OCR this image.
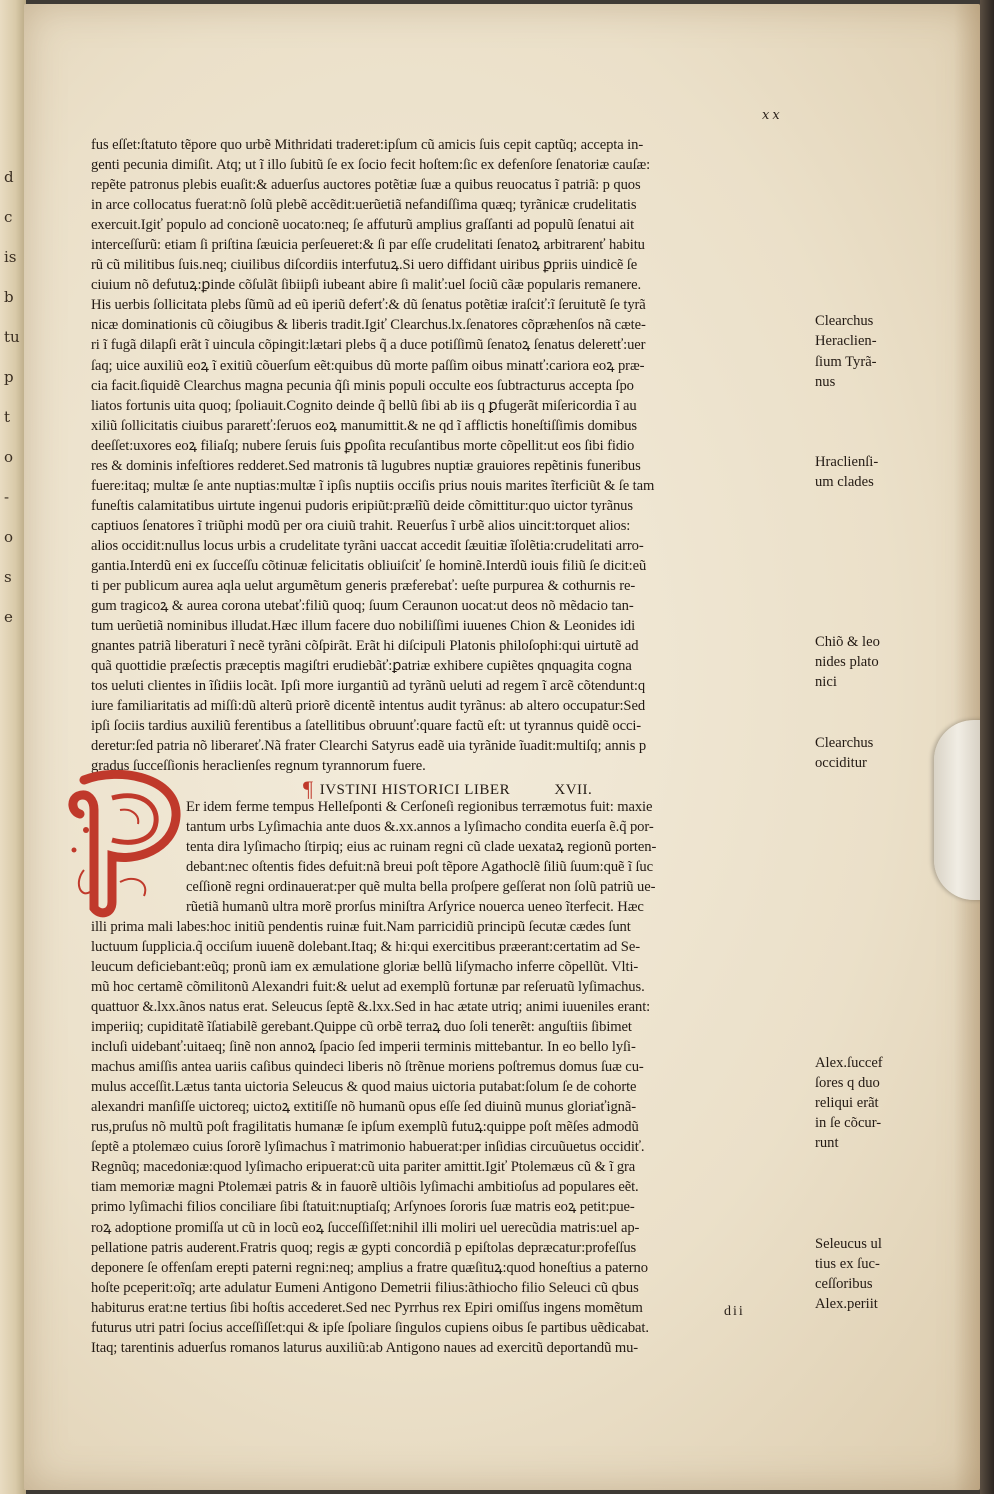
d
c
is
b
tu
p
t
o
-
o
s
e
xx
fus eſſet:ſtatuto tẽpore quo urbẽ Mithridati traderet:ipſum cũ amicis ſuis cepit captũq; accepta in-
genti pecunia dimiſit. Atq; ut ĩ illo ſubitũ ſe ex ſocio fecit hoſtem:ſic ex defenſore ſenatoriæ cauſæ:
repẽte patronus plebis euaſit:& aduerſus auctores potẽtiæ ſuæ a quibus reuocatus ĩ patriã: p quos
in arce collocatus fuerat:nõ ſolũ plebẽ accẽdit:uerũetiã nefandiſſima quæq; tyrãnicæ crudelitatis
exercuit.Igiť populo ad concionẽ uocato:neq; ſe affuturũ amplius graſſanti ad populũ ſenatui ait
interceſſurũ: etiam ſi priſtina ſæuicia perſeueret:& ſi par eſſe crudelitati ſenatoꝝ arbitrarenť habitu
rũ cũ militibus ſuis.neq; ciuilibus diſcordiis interfutuꝝ.Si uero diffidant uiribus ꝑpriis uindicẽ ſe
ciuium nõ defutuꝝ:ꝑinde cõſulãt ſibiipſi iubeant abire ſi maliť:uel ſociũ cãæ popularis remanere.
His uerbis ſollicitata plebs ſũmũ ad eũ iperiũ deferť:& dũ ſenatus potẽtiæ iraſciť:ĩ ſeruitutẽ ſe tyrã
nicæ dominationis cũ cõiugibus & liberis tradit.Igiť Clearchus.lx.ſenatores cõpræhenſos nã cæte-
ri ĩ fugã dilapſi erãt ĩ uincula cõpingit:lætari plebs q̃ a duce potiſſimũ ſenatoꝝ ſenatus deleretť:uer
ſaq; uice auxiliũ eoꝝ ĩ exitiũ cõuerſum eẽt:quibus dũ morte paſſim oibus minatť:cariora eoꝝ præ-
cia facit.ſiquidẽ Clearchus magna pecunia q̃ſi minis populi occulte eos ſubtracturus accepta ſpo
liatos fortunis uita quoq; ſpoliauit.Cognito deinde q̃ bellũ ſibi ab iis q ꝑfugerãt miſericordia ĩ au
xiliũ ſollicitatis ciuibus pararetť:ſeruos eoꝝ manumittit.& ne qd ĩ afflictis honeſtiſſimis domibus
deeſſet:uxores eoꝝ filiaſq; nubere ſeruis ſuis ꝑpoſita recuſantibus morte cõpellit:ut eos ſibi fidio
res & dominis infeſtiores redderet.Sed matronis tã lugubres nuptiæ grauiores repẽtinis funeribus
fuere:itaq; multæ ſe ante nuptias:multæ ĩ ipſis nuptiis occiſis prius nouis marites ĩterficiũt & ſe tam
funeſtis calamitatibus uirtute ingenui pudoris eripiũt:prælĩũ deide cõmittitur:quo uictor tyrãnus
captiuos ſenatores ĩ triũphi modũ per ora ciuiũ trahit. Reuerſus ĩ urbẽ alios uincit:torquet alios:
alios occidit:nullus locus urbis a crudelitate tyrãni uaccat accedit ſæuitiæ ĩſolẽtia:crudelitati arro-
gantia.Interdũ eni ex ſucceſſu cõtinuæ felicitatis obliuiſciť ſe hominẽ.Interdũ iouis filiũ ſe dicit:eũ
ti per publicum aurea aqla uelut argumẽtum generis præferebať: ueſte purpurea & cothurnis re-
gum tragicoꝝ & aurea corona utebať:filiũ quoq; ſuum Ceraunon uocat:ut deos nõ mẽdacio tan-
tum uerũetiã nominibus illudat.Hæc illum facere duo nobiliſſimi iuuenes Chion & Leonides idi
gnantes patriã liberaturi ĩ necẽ tyrãni cõſpirãt. Erãt hi diſcipuli Platonis philoſophi:qui uirtutẽ ad
quã quottidie præſectis præceptis magiſtri erudiebãť:ꝑatriæ exhibere cupiẽtes qnquagita cogna
tos ueluti clientes in ĩſidiis locãt. Ipſi more iurgantiũ ad tyrãnũ ueluti ad regem ĩ arcẽ cõtendunt:q
iure familiaritatis ad miſſi:dũ alterũ priorẽ dicentẽ intentus audit tyrãnus: ab altero occupatur:Sed
ipſi ſociis tardius auxiliũ ferentibus a ſatellitibus obruunť:quare factũ eſt: ut tyrannus quidẽ occi-
deretur:ſed patria nõ liberareť.Nã frater Clearchi Satyrus eadẽ uia tyrãnide ĩuadit:multiſq; annis p
gradus ſucceſſionis heraclienſes regnum tyrannorum fuere.
¶ IVSTINI HISTORICI LIBER	XVII.
Er idem ferme tempus Helleſponti & Cerſoneſi regionibus terræmotus fuit: maxie
tantum urbs Lyſimachia ante duos &.xx.annos a lyſimacho condita euerſa ẽ.q̃ por-
tenta dira lyſimacho ſtirpiq; eius ac ruinam regni cũ clade uexataꝝ regionũ porten-
debant:nec oſtentis fides defuit:nã breui poſt tẽpore Agathoclẽ ſiliũ ſuum:quẽ ĩ ſuc
ceſſionẽ regni ordinauerat:per quẽ multa bella proſpere geſſerat non ſolũ patriũ ue-
rũetiã humanũ ultra morẽ prorſus miniſtra Arſyrice nouerca ueneo ĩterfecit. Hæc
illi prima mali labes:hoc initiũ pendentis ruinæ fuit.Nam parricidiũ principũ ſecutæ cædes ſunt
luctuum ſupplicia.q̃ occiſum iuuenẽ dolebant.Itaq; & hi:qui exercitibus præerant:certatim ad Se-
leucum deficiebant:eũq; pronũ iam ex æmulatione gloriæ bellũ liſymacho inferre cõpellũt. Vlti-
mũ hoc certamẽ cõmilitonũ Alexandri fuit:& uelut ad exemplũ fortunæ par reſeruatũ lyſimachus.
quattuor &.lxx.ãnos natus erat. Seleucus ſeptẽ &.lxx.Sed in hac ætate utriq; animi iuueniles erant:
imperiiq; cupiditatẽ ĩſatiabilẽ gerebant.Quippe cũ orbẽ terraꝝ duo ſoli tenerẽt: anguſtiis ſibimet
incluſi uidebanť:uitaeq; ſinẽ non annoꝝ ſpacio ſed imperii terminis mittebantur. In eo bello lyſi-
machus amiſſis antea uariis caſibus quindeci liberis nõ ſtrẽnue moriens poſtremus domus ſuæ cu-
mulus acceſſit.Lætus tanta uictoria Seleucus & quod maius uictoria putabat:ſolum ſe de cohorte
alexandri manſiſſe uictoreq; uictoꝝ extitiſſe nõ humanũ opus eſſe ſed diuinũ munus gloriaťignã-
rus,pruſus nõ multũ poſt fragilitatis humanæ ſe ipſum exemplũ futuꝝ:quippe poſt mẽſes admodũ
ſeptẽ a ptolemæo cuius ſororẽ lyſimachus ĩ matrimonio habuerat:per inſidias circuũuetus occidiť.
Regnũq; macedoniæ:quod lyſimacho eripuerat:cũ uita pariter amittit.Igiť Ptolemæus cũ & ĩ gra
tiam memoriæ magni Ptolemæi patris & in fauorẽ ultiõis lyſimachi ambitioſus ad populares eẽt.
primo lyſimachi filios conciliare ſibi ſtatuit:nuptiaſq; Arſynoes ſororis ſuæ matris eoꝝ petit:pue-
roꝝ adoptione promiſſa ut cũ in locũ eoꝝ ſucceſſiſſet:nihil illi moliri uel uerecũdia matris:uel ap-
pellatione patris auderent.Fratris quoq; regis æ gypti concordiã p epiſtolas depræcatur:profeſſus
deponere ſe offenſam erepti paterni regni:neq; amplius a fratre quæſituꝝ:quod honeſtius a paterno
hoſte pceperit:oĩq; arte adulatur Eumeni Antigono Demetrii filius:ãthiocho filio Seleuci cũ qbus
habiturus erat:ne tertius ſibi hoſtis accederet.Sed nec Pyrrhus rex Epiri omiſſus ingens momẽtum
futurus utri patri ſocius acceſſiſſet:qui & ipſe ſpoliare ſingulos cupiens oibus ſe partibus uẽdicabat.
Itaq; tarentinis aduerſus romanos laturus auxiliũ:ab Antigono naues ad exercitũ deportandũ mu-
Clearchus
Heraclien-
ſium Tyrã-
nus
Hraclienſi-
um clades
Chiõ & leo
nides plato
nici
Clearchus
occiditur
Alex.ſuccef
ſores q duo
reliqui erãt
in ſe cõcur-
runt
Seleucus ul
tius ex ſuc-
ceſſoribus
Alex.periit
dii
